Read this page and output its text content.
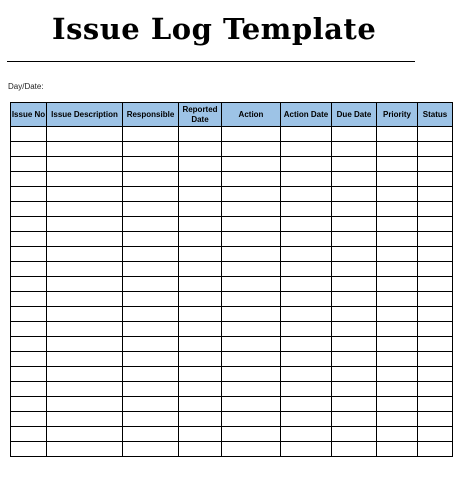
Issue Log Template
Day/Date:
Issue No	Issue Description	Responsible	Reported Date	Action	Action Date	Due Date	Priority	Status
